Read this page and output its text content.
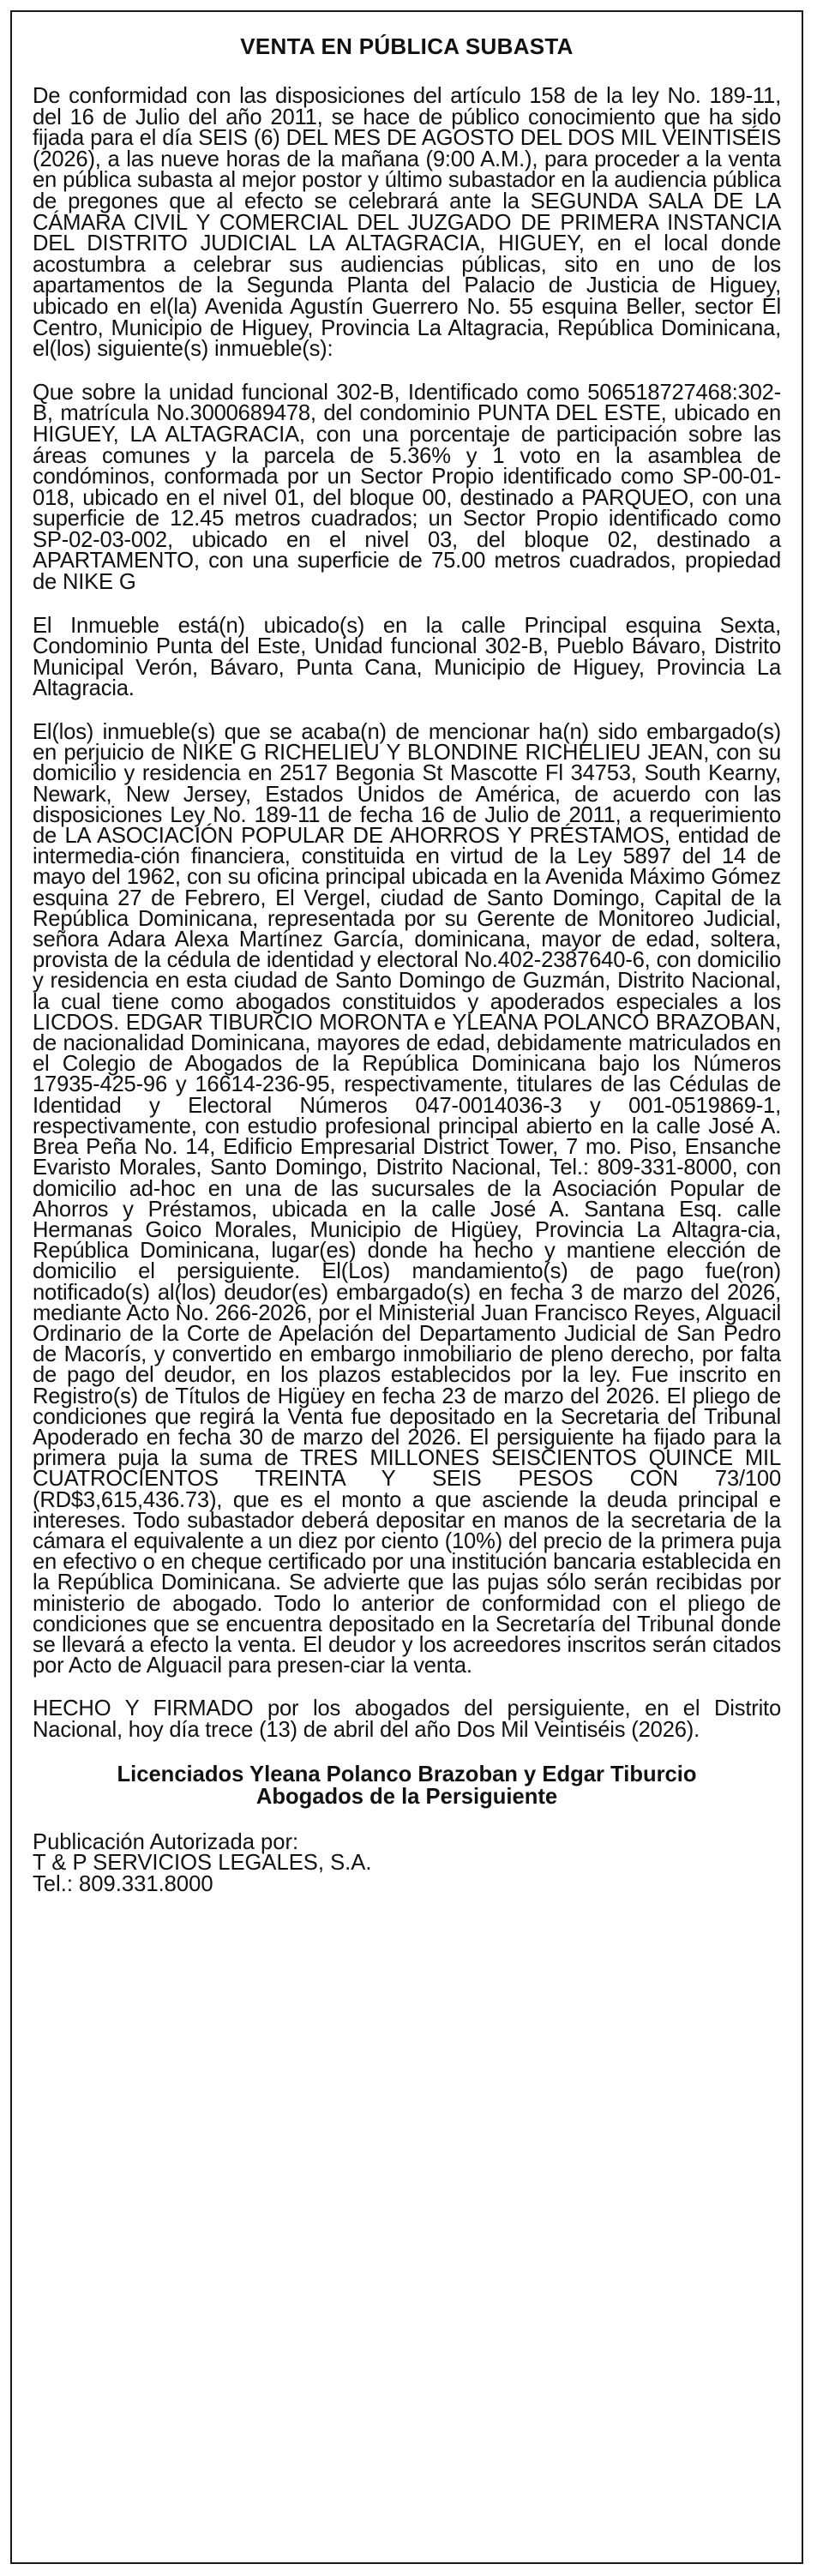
VENTA EN PÚBLICA SUBASTA

De conformidad con las disposiciones del artículo 158 de la ley No. 189-11, del 16 de Julio del año 2011, se hace de público conocimiento que ha sido fijada para el día SEIS (6) DEL MES DE AGOSTO DEL DOS MIL VEINTISÉIS (2026), a las nueve horas de la mañana (9:00 A.M.), para proceder a la venta en pública subasta al mejor postor y último subastador en la audiencia pública de pregones que al efecto se celebrará ante la SEGUNDA SALA DE LA CÁMARA CIVIL Y COMERCIAL DEL JUZGADO DE PRIMERA INSTANCIA DEL DISTRITO JUDICIAL LA ALTAGRACIA, HIGUEY, en el local donde acostumbra a celebrar sus audiencias públicas, sito en uno de los apartamentos de la Segunda Planta del Palacio de Justicia de Higuey, ubicado en el(la) Avenida Agustín Guerrero No. 55 esquina Beller, sector El Centro, Municipio de Higuey, Provincia La Altagracia, República Dominicana, el(los) siguiente(s) inmueble(s):

Que sobre la unidad funcional 302-B, Identificado como 506518727468:302-B, matrícula No.3000689478, del condominio PUNTA DEL ESTE, ubicado en HIGUEY, LA ALTAGRACIA, con una porcentaje de participación sobre las áreas comunes y la parcela de 5.36% y 1 voto en la asamblea de condóminos, conformada por un Sector Propio identificado como SP-00-01-018, ubicado en el nivel 01, del bloque 00, destinado a PARQUEO, con una superficie de 12.45 metros cuadrados; un Sector Propio identificado como SP-02-03-002, ubicado en el nivel 03, del bloque 02, destinado a APARTAMENTO, con una superficie de 75.00 metros cuadrados, propiedad de NIKE G

El Inmueble está(n) ubicado(s) en la calle Principal esquina Sexta, Condominio Punta del Este, Unidad funcional 302-B, Pueblo Bávaro, Distrito Municipal Verón, Bávaro, Punta Cana, Municipio de Higuey, Provincia La Altagracia.

El(los) inmueble(s) que se acaba(n) de mencionar ha(n) sido embargado(s) en perjuicio de NIKE G RICHELIEU Y BLONDINE RICHELIEU JEAN, con su domicilio y residencia en 2517 Begonia St Mascotte Fl 34753, South Kearny, Newark, New Jersey, Estados Unidos de América, de acuerdo con las disposiciones Ley No. 189-11 de fecha 16 de Julio de 2011, a requerimiento de LA ASOCIACIÓN POPULAR DE AHORROS Y PRÉSTAMOS, entidad de intermedia-ción financiera, constituida en virtud de la Ley 5897 del 14 de mayo del 1962, con su oficina principal ubicada en la Avenida Máximo Gómez esquina 27 de Febrero, El Vergel, ciudad de Santo Domingo, Capital de la República Dominicana, representada por su Gerente de Monitoreo Judicial, señora Adara Alexa Martínez García, dominicana, mayor de edad, soltera, provista de la cédula de identidad y electoral No.402-2387640-6, con domicilio y residencia en esta ciudad de Santo Domingo de Guzmán, Distrito Nacional, la cual tiene como abogados constituidos y apoderados especiales a los LICDOS. EDGAR TIBURCIO MORONTA e YLEANA POLANCO BRAZOBAN, de nacionalidad Dominicana, mayores de edad, debidamente matriculados en el Colegio de Abogados de la República Dominicana bajo los Números 17935-425-96 y 16614-236-95, respectivamente, titulares de las Cédulas de Identidad y Electoral Números 047-0014036-3 y 001-0519869-1, respectivamente, con estudio profesional principal abierto en la calle José A. Brea Peña No. 14, Edificio Empresarial District Tower, 7 mo. Piso, Ensanche Evaristo Morales, Santo Domingo, Distrito Nacional, Tel.: 809-331-8000, con domicilio ad-hoc en una de las sucursales de la Asociación Popular de Ahorros y Préstamos, ubicada en la calle José A. Santana Esq. calle Hermanas Goico Morales, Municipio de Higüey, Provincia La Altagra-cia, República Dominicana, lugar(es) donde ha hecho y mantiene elección de domicilio el persiguiente. El(Los) mandamiento(s) de pago fue(ron) notificado(s) al(los) deudor(es) embargado(s) en fecha 3 de marzo del 2026, mediante Acto No. 266-2026, por el Ministerial Juan Francisco Reyes, Alguacil Ordinario de la Corte de Apelación del Departamento Judicial de San Pedro de Macorís, y convertido en embargo inmobiliario de pleno derecho, por falta de pago del deudor, en los plazos establecidos por la ley. Fue inscrito en Registro(s) de Títulos de Higüey en fecha 23 de marzo del 2026. El pliego de condiciones que regirá la Venta fue depositado en la Secretaria del Tribunal Apoderado en fecha 30 de marzo del 2026. El persiguiente ha fijado para la primera puja la suma de TRES MILLONES SEISCIENTOS QUINCE MIL CUATROCIENTOS TREINTA Y SEIS PESOS CON 73/100 (RD$3,615,436.73), que es el monto a que asciende la deuda principal e intereses. Todo subastador deberá depositar en manos de la secretaria de la cámara el equivalente a un diez por ciento (10%) del precio de la primera puja en efectivo o en cheque certificado por una institución bancaria establecida en la República Dominicana. Se advierte que las pujas sólo serán recibidas por ministerio de abogado. Todo lo anterior de conformidad con el pliego de condiciones que se encuentra depositado en la Secretaría del Tribunal donde se llevará a efecto la venta. El deudor y los acreedores inscritos serán citados por Acto de Alguacil para presen-ciar la venta.

HECHO Y FIRMADO por los abogados del persiguiente, en el Distrito Nacional, hoy día trece (13) de abril del año Dos Mil Veintiséis (2026).

Licenciados Yleana Polanco Brazoban y Edgar Tiburcio
Abogados de la Persiguiente

Publicación Autorizada por:

T & P SERVICIOS LEGALES, S.A.

Tel.: 809.331.8000
